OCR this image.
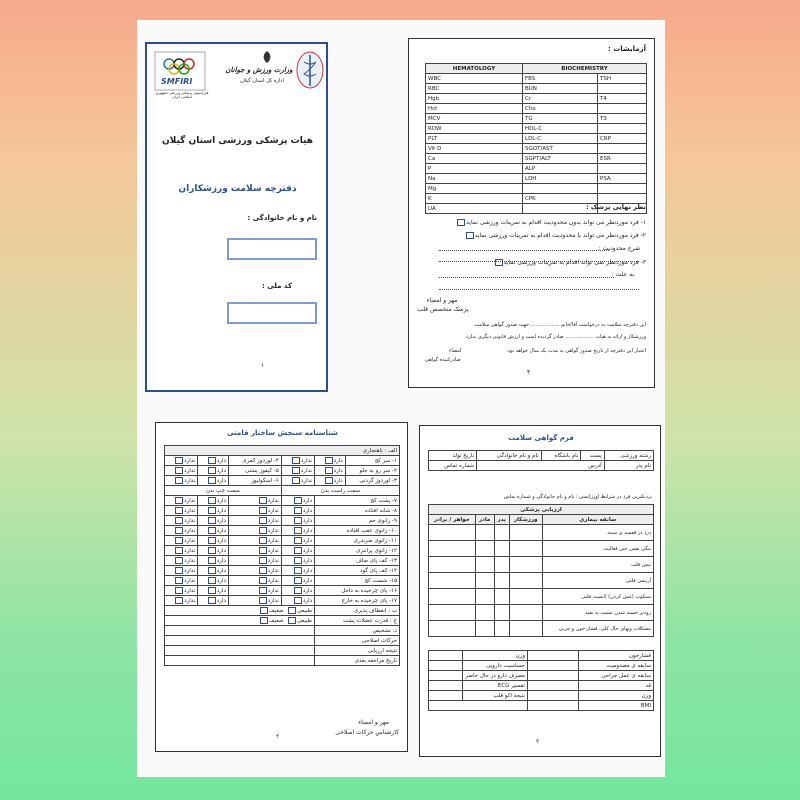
SMFIRI
فدراسیون پزشکی ورزشی جمهوری اسلامی ایران
وزارت ورزش و جوانان
اداره کل استان گیلان
هیات پزشکی ورزشی استان گیلان
دفترچه سلامت ورزشکاران
نام و نام خانوادگی :
کد ملی :
۱
آزمایشات :
HEMATOLOGY	BIOCHEMISTRY	
WBC	FBS	TSH
RBC	BUN	
Hgb	Cr	T4
Hct	Cho	
MCV	TG	T3
RDW	HDL-C	
PLT	LDL-C	CRP
Vit D	SGOT/AST	
Ca	SGPT/ALT	ESR
P	ALP	
Na	LDH	PSA
Mg		
K	CPK	
UA			نظر نهایی پزشک :
۱- فرد موردنظر می تواند بدون محدودیت اقدام به تمرینات ورزشی نماید
۲- فرد موردنظر می تواند با محدودیت اقدام به تمرینات ورزشی نماید
شرح محدودیت :
۳- فرد موردنظر نمی تواند اقدام به تمرینات ورزشی نماید
به علت :
مهر و امضاء
پزشک متخصص قلب
این دفترچه سلامت به درخواست آقا/خانم .................. جهت صدور گواهی سلامت
ورزشکار و ارائه به هیات .................. صادر گردیده است و ارزش قانونی دیگری ندارد.
اعتبار این دفترچه از تاریخ صدور گواهی به مدت یک سال خواهد بود.
امضاء
صادرکننده گواهی
۴
شناسنامه سنجش ساختار قامتی
الف : ناهنجاری					
۱- سر کج	دارد	ندارد	۴- لوردوز کمری	دارد	ندارد
۲- سر رو به جلو	دارد	ندارد	۵- کیفوز پشتی	دارد	ندارد
۳- لوردوز گردنی	دارد	ندارد	۶- اسکولیوز	دارد	ندارد
سمت راست بدن			سمت چپ بدن		
۷- پشت کج		دارد	ندارد	دارد	ندارد
۸- شانه افتاده		دارد	ندارد	دارد	ندارد
۹- زانوی خم		دارد	ندارد	دارد	ندارد
۱۰- زانوی عقب افتاده		دارد	ندارد	دارد	ندارد
۱۱- زانوی ضربدری		دارد	ندارد	دارد	ندارد
۱۲- زانوی پرانتزی		دارد	ندارد	دارد	ندارد
۱۳- کف پای صاف		دارد	ندارد	دارد	ندارد
۱۴- کف پای گود		دارد	ندارد	دارد	ندارد
۱۵- شست کج		دارد	ندارد	دارد	ندارد
۱۶- پای چرخیده به داخل		دارد	ندارد	دارد	ندارد
۱۷- پای چرخیده به خارج		دارد	ندارد	دارد	ندارد
ب : انعطاف پذیری		طبیعی  ضعیف			
ج : قدرت عضلات پشت		طبیعی  ضعیف			
د: تشخیص					
حرکات اصلاحی					
نتیجه ارزیابی					
تاریخ مراجعه بعدی					
مهر و امضاء
کارشناس حرکات اصلاحی
۲
فرم گواهی سلامت
رشته ورزشی	پست	نام باشگاه	نام و نام خانوادگی	تاریخ تولد
نام پدر	آدرس			شماره تماس
نزدیکترین فرد در شرایط اورژانسی : نام و نام خانوادگی و شماره تماس
ارزیابی پزشکی				
سابقه بیماری	ورزشکار	پدر	مادر	خواهر / برادر
درد در قفسه ی سینه				
تنگی نفس حین فعالیت				
تپش قلب				
آریتمی قلبی				
سنکوپ (غش کردن) /ایست قلبی				
زودتر خسته شدن نسبت به بقیه				
مشکلات ویهای حال کلی، فشار خون و چربی				
فشارخون		وزن	
سابقه ی مصدومیت		حساسیت دارویی	
سابقه ی عمل جراحی		مصرف دارو در حال حاضر	
قد		تفسیر ECG	
وزن		نتیجه اکو قلب	
BMI			
۲
